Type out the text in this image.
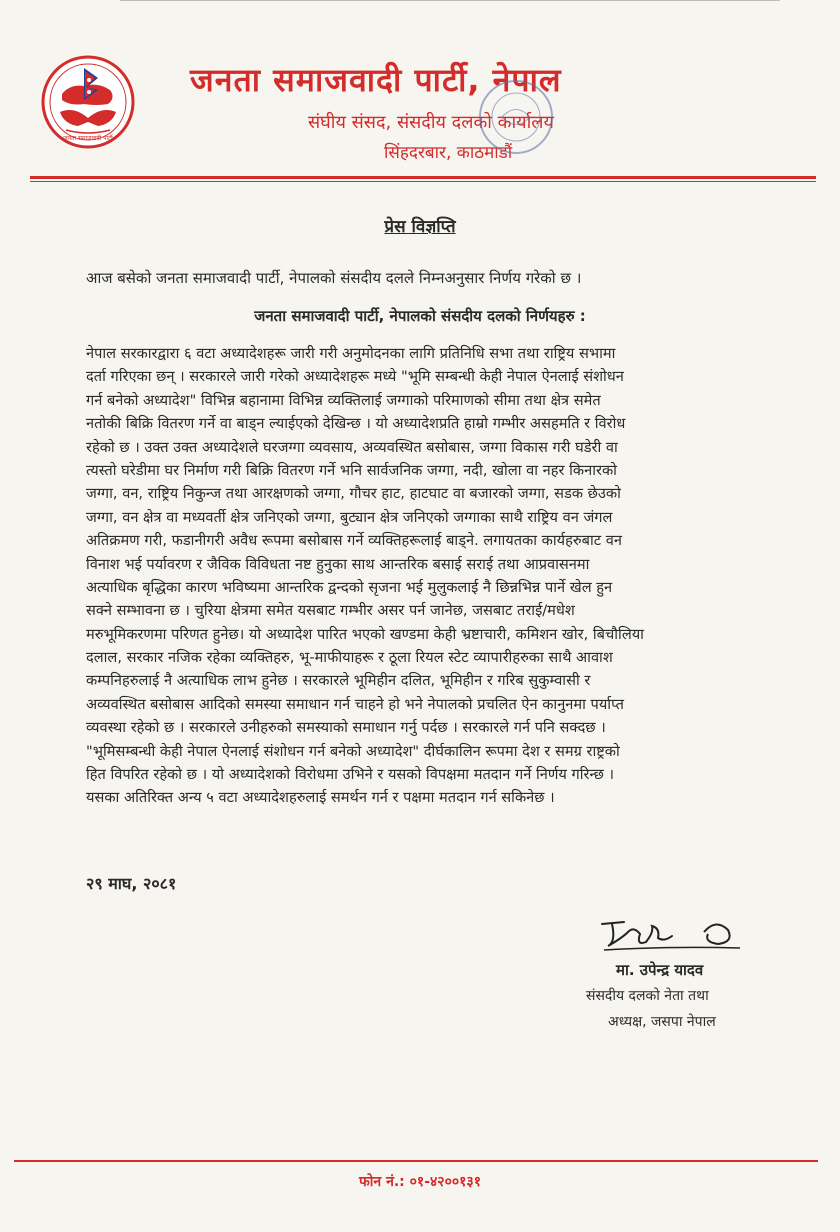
जनता समाजवादी पार्टी
जनता समाजवादी पार्टी, नेपाल
संघीय संसद, संसदीय दलको कार्यालय
सिंहदरबार, काठमाडौं
प्रेस विज्ञप्ति
आज बसेको जनता समाजवादी पार्टी, नेपालको संसदीय दलले निम्नअनुसार निर्णय गरेको छ ।
जनता समाजवादी पार्टी, नेपालको संसदीय दलको निर्णयहरु :
नेपाल सरकारद्वारा ६ वटा अध्यादेशहरू जारी गरी अनुमोदनका लागि प्रतिनिधि सभा तथा राष्ट्रिय सभामा
दर्ता गरिएका छन् । सरकारले जारी गरेको अध्यादेशहरू मध्ये "भूमि सम्बन्धी केही नेपाल ऐनलाई संशोधन
गर्न बनेको अध्यादेश" विभिन्न बहानामा विभिन्न व्यक्तिलाई जग्गाको परिमाणको सीमा तथा क्षेत्र समेत
नतोकी बिक्रि वितरण गर्ने वा बाड्न ल्याईएको देखिन्छ । यो अध्यादेशप्रति हाम्रो गम्भीर असहमति र विरोध
रहेको छ । उक्त उक्त अध्यादेशले घरजग्गा व्यवसाय, अव्यवस्थित बसोबास, जग्गा विकास गरी घडेरी वा
त्यस्तो घरेडीमा घर निर्माण गरी बिक्रि वितरण गर्ने भनि सार्वजनिक जग्गा, नदी, खोला वा नहर किनारको
जग्गा, वन, राष्ट्रिय निकुन्ज तथा आरक्षणको जग्गा, गौचर हाट, हाटघाट वा बजारको जग्गा, सडक छेउको
जग्गा, वन क्षेत्र वा मध्यवर्ती क्षेत्र जनिएको जग्गा, बुट्यान क्षेत्र जनिएको जग्गाका साथै राष्ट्रिय वन जंगल
अतिक्रमण गरी, फडानीगरी अवैध रूपमा बसोबास गर्ने व्यक्तिहरूलाई बाड्ने. लगायतका कार्यहरुबाट वन
विनाश भई पर्यावरण र जैविक विविधता नष्ट हुनुका साथ आन्तरिक बसाई सराई तथा आप्रवासनमा
अत्याधिक बृद्धिका कारण भविष्यमा आन्तरिक द्वन्दको सृजना भई मुलुकलाई नै छिन्नभिन्न पार्ने खेल हुन
सक्ने सम्भावना छ । चुरिया क्षेत्रमा समेत यसबाट गम्भीर असर पर्न जानेछ, जसबाट तराई/मधेश
मरुभूमिकरणमा परिणत हुनेछ। यो अध्यादेश पारित भएको खण्डमा केही भ्रष्टाचारी, कमिशन खोर, बिचौलिया
दलाल, सरकार नजिक रहेका व्यक्तिहरु, भू-माफीयाहरू र ठूला रियल स्टेट व्यापारीहरुका साथै आवाश
कम्पनिहरुलाई नै अत्याधिक लाभ हुनेछ । सरकारले भूमिहीन दलित, भूमिहीन र गरिब सुकुम्वासी र
अव्यवस्थित बसोबास आदिको समस्या समाधान गर्न चाहने हो भने नेपालको प्रचलित ऐन कानुनमा पर्याप्त
व्यवस्था रहेको छ । सरकारले उनीहरुको समस्याको समाधान गर्नु पर्दछ । सरकारले गर्न पनि सक्दछ ।
"भूमिसम्बन्धी केही नेपाल ऐनलाई संशोधन गर्न बनेको अध्यादेश" दीर्घकालिन रूपमा देश र समग्र राष्ट्रको
हित विपरित रहेको छ । यो अध्यादेशको विरोधमा उभिने र यसको विपक्षमा मतदान गर्ने निर्णय गरिन्छ ।
यसका अतिरिक्त अन्य ५ वटा अध्यादेशहरुलाई समर्थन गर्न र पक्षमा मतदान गर्न सकिनेछ ।
२९ माघ, २०८१
मा. उपेन्द्र यादव
संसदीय दलको नेता तथा
अध्यक्ष, जसपा नेपाल
फोन नं.: ०१-४२००१३१
